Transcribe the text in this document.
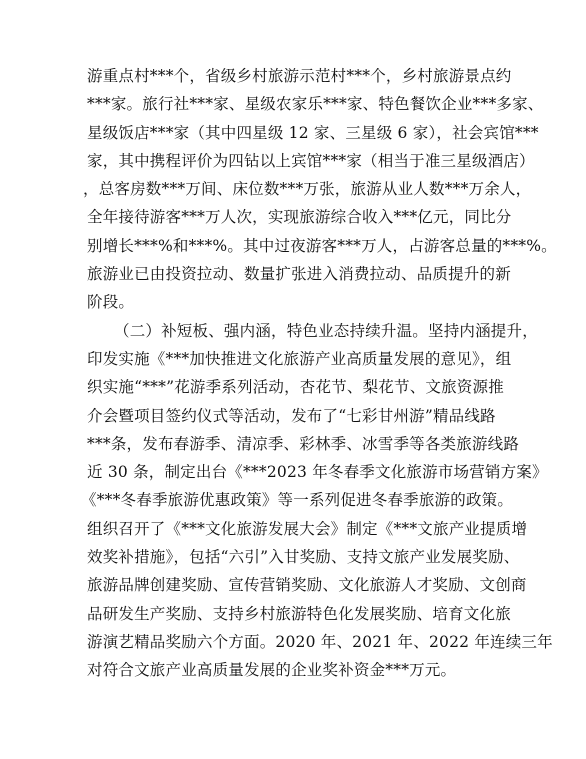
游重点村***个，省级乡村旅游示范村***个，乡村旅游景点约
***家。旅行社***家、星级农家乐***家、特色餐饮企业***多家、
星级饭店***家（其中四星级 12 家、三星级 6 家），社会宾馆***
家，其中携程评价为四钻以上宾馆***家（相当于准三星级酒店）
，总客房数***万间、床位数***万张，旅游从业人数***万余人，
全年接待游客***万人次，实现旅游综合收入***亿元，同比分
别增长***%和***%。其中过夜游客***万人，占游客总量的***%。
旅游业已由投资拉动、数量扩张进入消费拉动、品质提升的新
阶段。
（二）补短板、强内涵，特色业态持续升温。坚持内涵提升，
印发实施《***加快推进文化旅游产业高质量发展的意见》，组
织实施“***”花游季系列活动，杏花节、梨花节、文旅资源推
介会暨项目签约仪式等活动，发布了“七彩甘州游”精品线路
***条，发布春游季、清凉季、彩林季、冰雪季等各类旅游线路
近 30 条，制定出台《***2023 年冬春季文化旅游市场营销方案》
《***冬春季旅游优惠政策》等一系列促进冬春季旅游的政策。
组织召开了《***文化旅游发展大会》制定《***文旅产业提质增
效奖补措施》，包括“六引”入甘奖励、支持文旅产业发展奖励、
旅游品牌创建奖励、宣传营销奖励、文化旅游人才奖励、文创商
品研发生产奖励、支持乡村旅游特色化发展奖励、培育文化旅
游演艺精品奖励六个方面。2020 年、2021 年、2022 年连续三年
对符合文旅产业高质量发展的企业奖补资金***万元。
